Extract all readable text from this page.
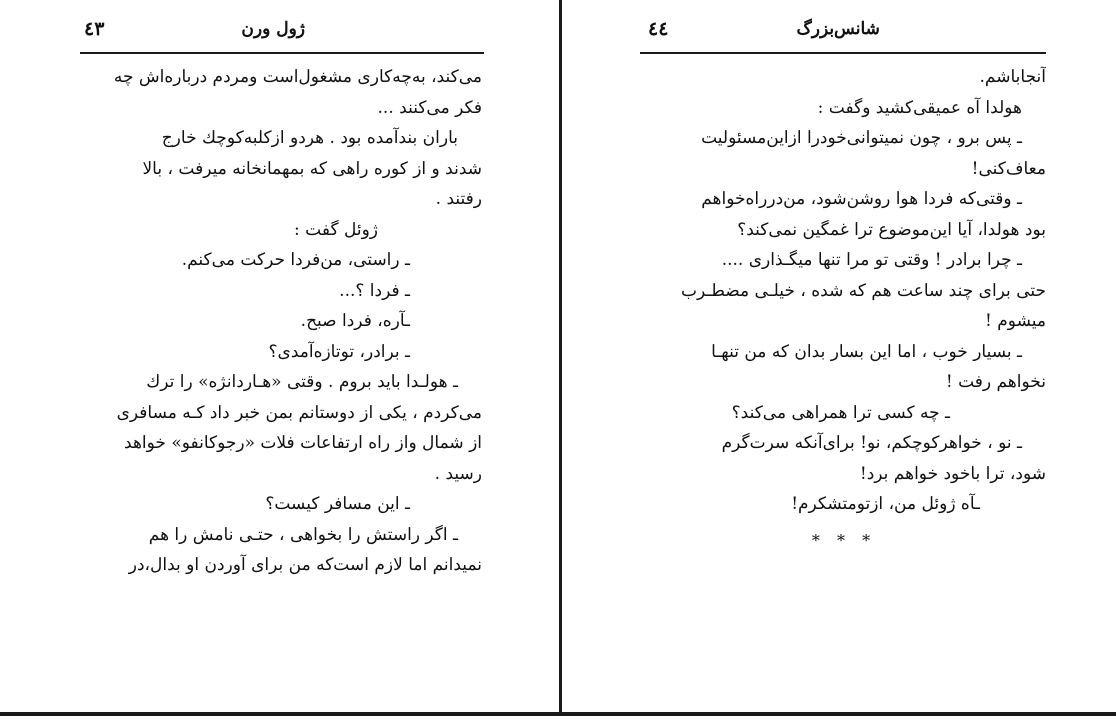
٤٣	ژول ورن
می‌کند، به‌چه‌کاری مشغول‌است ومردم درباره‌اش چه
فکر می‌کنند ...
باران بندآمده بود . هردو ازکلبه‌کوچك خارج
شدند و از کوره راهی که بمهمانخانه میرفت ، بالا
رفتند .
ژوئل گفت :
ـ راستی، من‌فردا حرکت می‌کنم.
ـ فردا ؟...
ـآره، فردا صبح.
ـ برادر، توتازه‌آمدی؟
ـ هولـدا باید بروم . وقتی «هـاردانژه» را ترك
می‌کردم ، یکی از دوستانم بمن خبر داد کـه مسافری
از شمال واز راه ارتفاعات فلات «رجوکانفو» خواهد
رسید .
ـ این مسافر کیست؟
ـ اگر راستش را بخواهی ، حتـی نامش را هم
نمیدانم اما لازم است‌که من برای آوردن او بدال،در
٤٤	شانس‌بزرگ
آنجاباشم.
هولدا آه عمیقی‌کشید وگفت :
ـ پس برو ، چون نمیتوانی‌خودرا ازاین‌مسئولیت
معاف‌کنی!
ـ وقتی‌که فردا هوا روشن‌شود، من‌درراه‌خواهم
بود هولدا، آیا این‌موضوع ترا غمگین نمی‌کند؟
ـ چرا برادر ! وقتی تو مرا تنها میگـذاری ....
حتی برای چند ساعت هم که شده ، خیلـی مضطـرب
میشوم !
ـ بسیار خوب ، اما این بسار بدان که من تنهـا
نخواهم رفت !
ـ چه کسی ترا همراهی می‌کند؟
ـ نو ، خواهرکوچکم، نو! برای‌آنکه سرت‌گرم
شود، ترا باخود خواهم برد!
ـآه ژوئل من، ازتومتشکرم!
* * *
